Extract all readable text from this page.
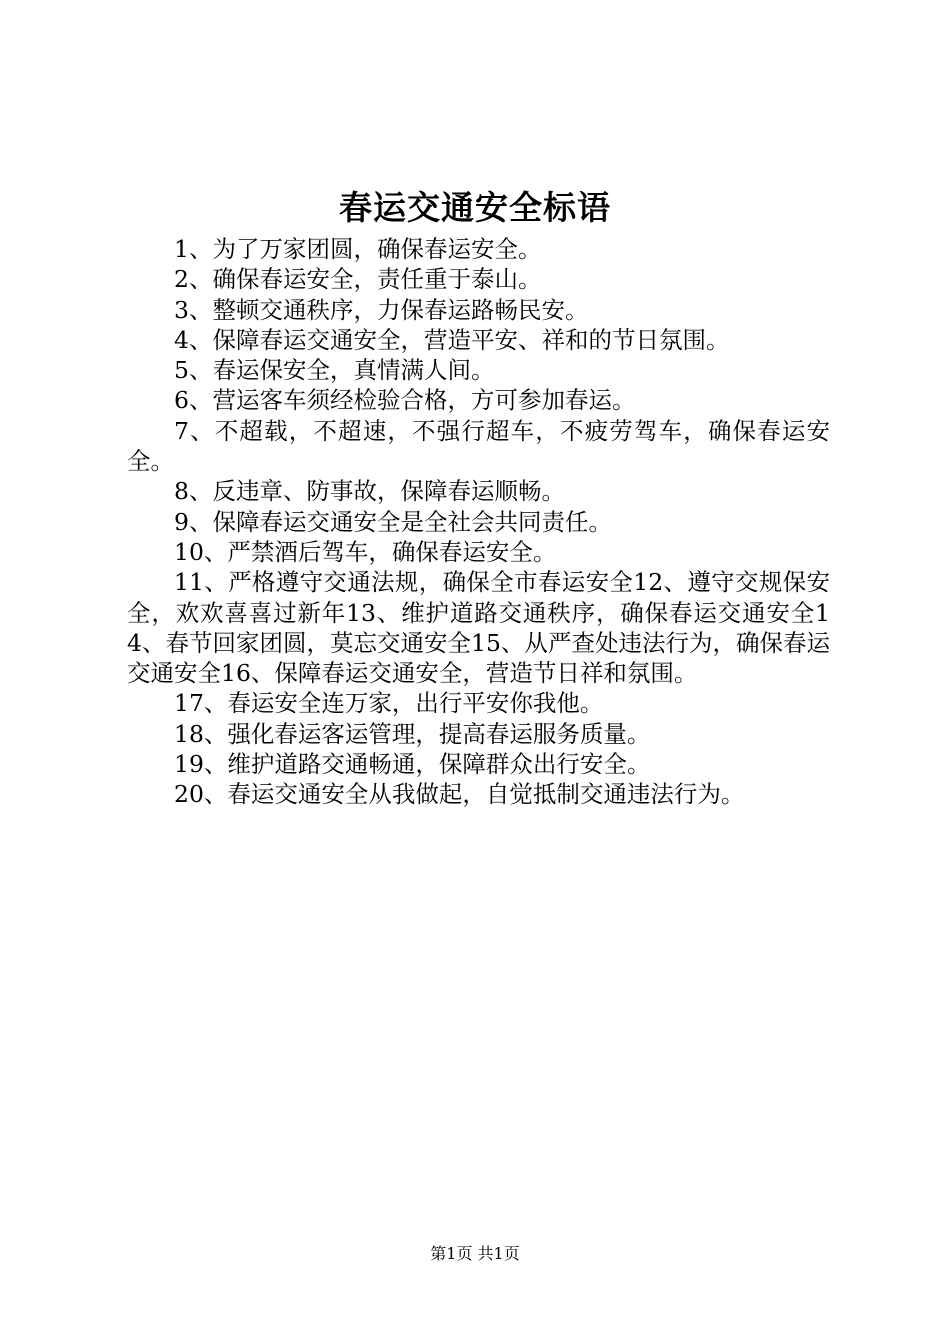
春运交通安全标语

1、为了万家团圆，确保春运安全。

2、确保春运安全，责任重于泰山。

3、整顿交通秩序，力保春运路畅民安。

4、保障春运交通安全，营造平安、祥和的节日氛围。

5、春运保安全，真情满人间。

6、营运客车须经检验合格，方可参加春运。

7、不超载，不超速，不强行超车，不疲劳驾车，确保春运安全。

8、反违章、防事故，保障春运顺畅。

9、保障春运交通安全是全社会共同责任。

10、严禁酒后驾车，确保春运安全。

11、严格遵守交通法规，确保全市春运安全12、遵守交规保安全，欢欢喜喜过新年13、维护道路交通秩序，确保春运交通安全14、春节回家团圆，莫忘交通安全15、从严查处违法行为，确保春运交通安全16、保障春运交通安全，营造节日祥和氛围。

17、春运安全连万家，出行平安你我他。

18、强化春运客运管理，提高春运服务质量。

19、维护道路交通畅通，保障群众出行安全。

20、春运交通安全从我做起，自觉抵制交通违法行为。

第1页 共1页
